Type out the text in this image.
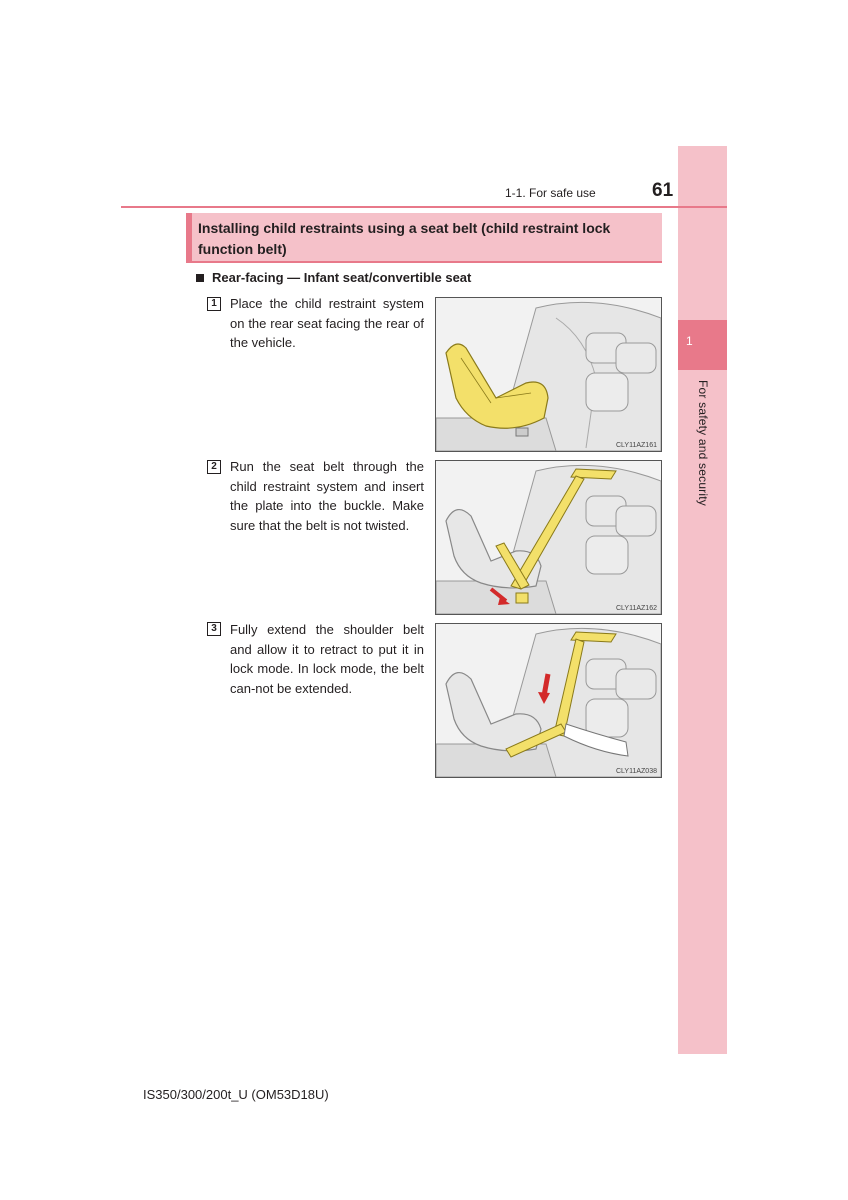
1
For safety and security
1-1. For safe use	61
Installing child restraints using a seat belt (child restraint lock function belt)
Rear-facing — Infant seat/convertible seat
1	Place the child restraint system on the rear seat facing the rear of the vehicle.
CLY11AZ161
2	Run the seat belt through the child restraint system and insert the plate into the buckle. Make sure that the belt is not twisted.
CLY11AZ162
3	Fully extend the shoulder belt and allow it to retract to put it in lock mode. In lock mode, the belt can-not be extended.
CLY11AZ038
IS350/300/200t_U (OM53D18U)
